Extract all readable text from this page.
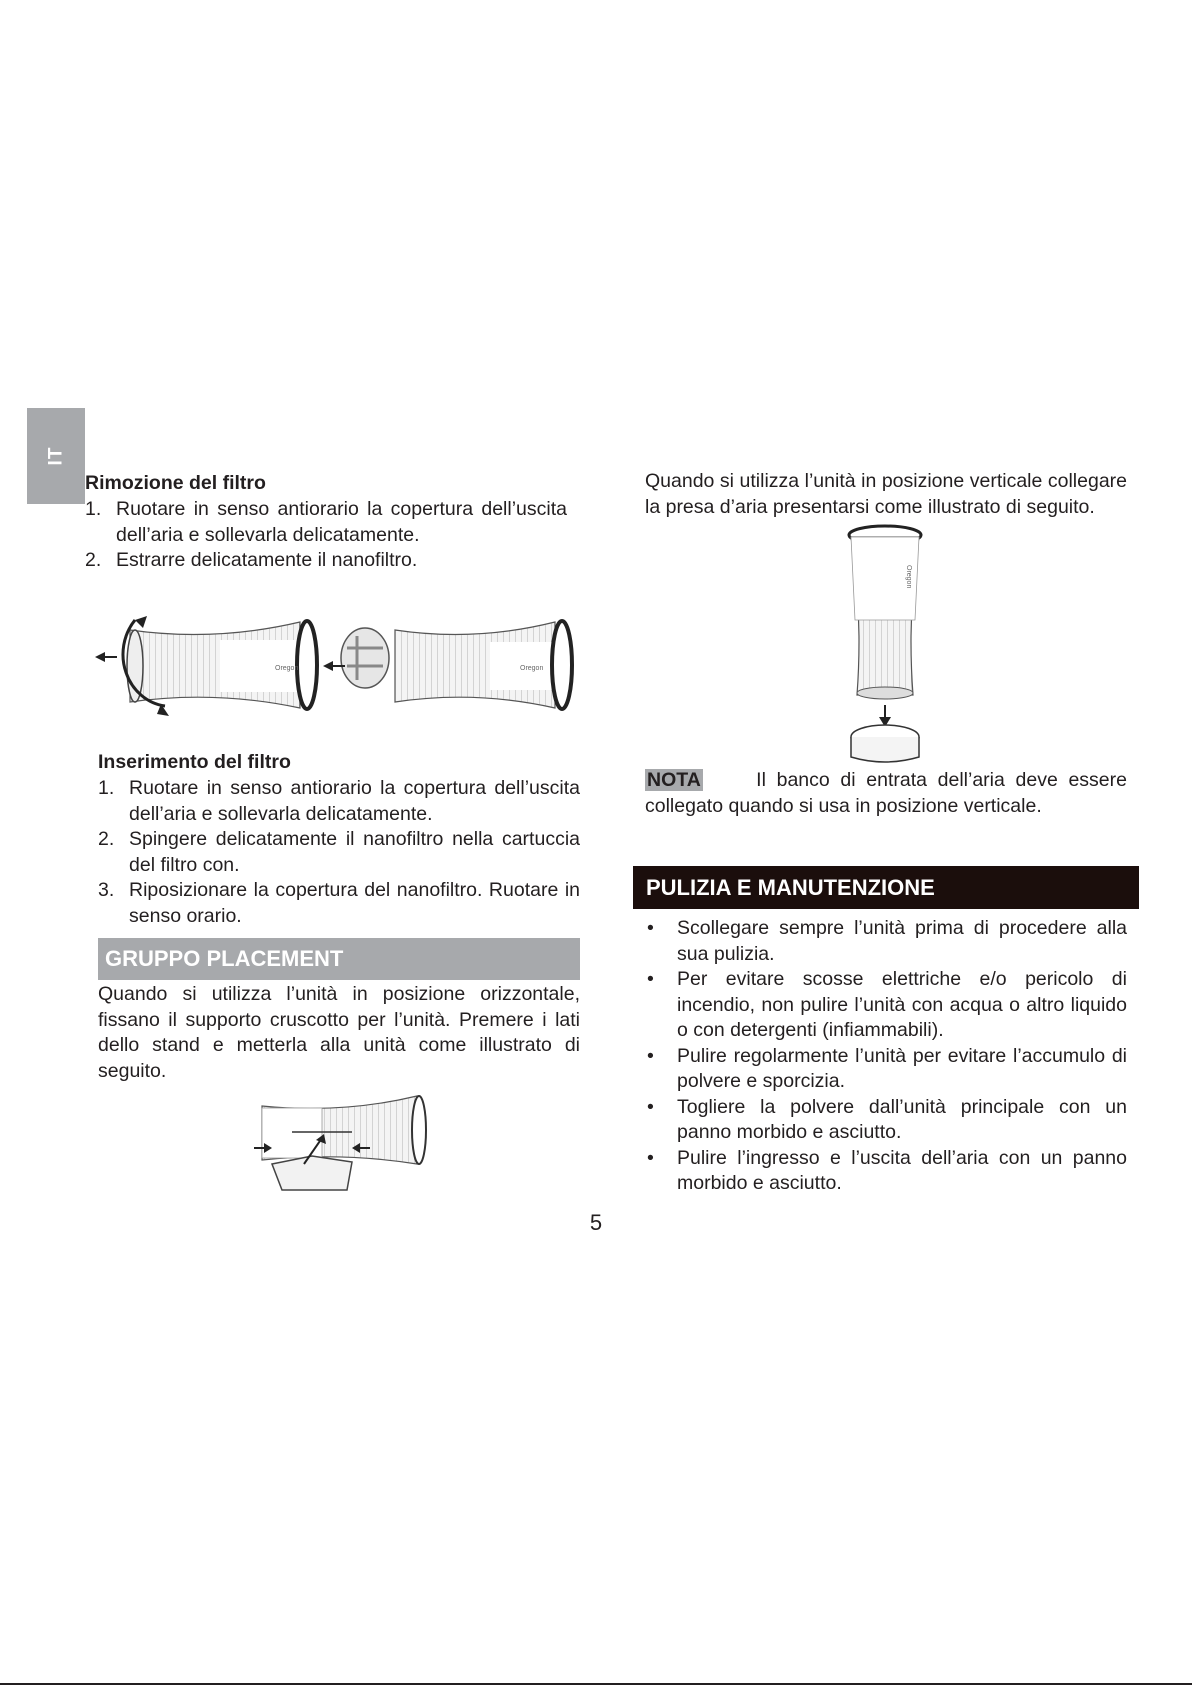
IT
Rimozione del filtro
1. Ruotare in senso antiorario la copertura dell’uscita dell’aria e sollevarla delicatamente.
2. Estrarre delicatamente il nanofiltro.
Oregon	Oregon
Inserimento del filtro
1. Ruotare in senso antiorario la copertura dell’uscita dell’aria e sollevarla delicatamente.
2. Spingere delicatamente il nanofiltro nella cartuccia del filtro con.
3. Riposizionare la copertura del nanofiltro. Ruotare in senso orario.
GRUPPO PLACEMENT
Quando si utilizza l’unità in posizione orizzontale, fissano il supporto cruscotto per l’unità. Premere i lati dello stand e metterla alla unità come illustrato di seguito.
Quando si utilizza l’unità in posizione verticale collegare la presa d’aria presentarsi come illustrato di seguito.
Oregon
NOTA	Il banco di entrata dell’aria deve essere collegato quando si usa in posizione verticale.
PULIZIA E MANUTENZIONE
• Scollegare sempre l’unità prima di procedere alla sua pulizia.
• Per evitare scosse elettriche e/o pericolo di incendio, non pulire l’unità con acqua o altro liquido o con detergenti (infiammabili).
• Pulire regolarmente l’unità per evitare l’accumulo di polvere e sporcizia.
• Togliere la polvere dall’unità principale con un panno morbido e asciutto.
• Pulire l’ingresso e l’uscita dell’aria con un panno morbido e asciutto.
5
